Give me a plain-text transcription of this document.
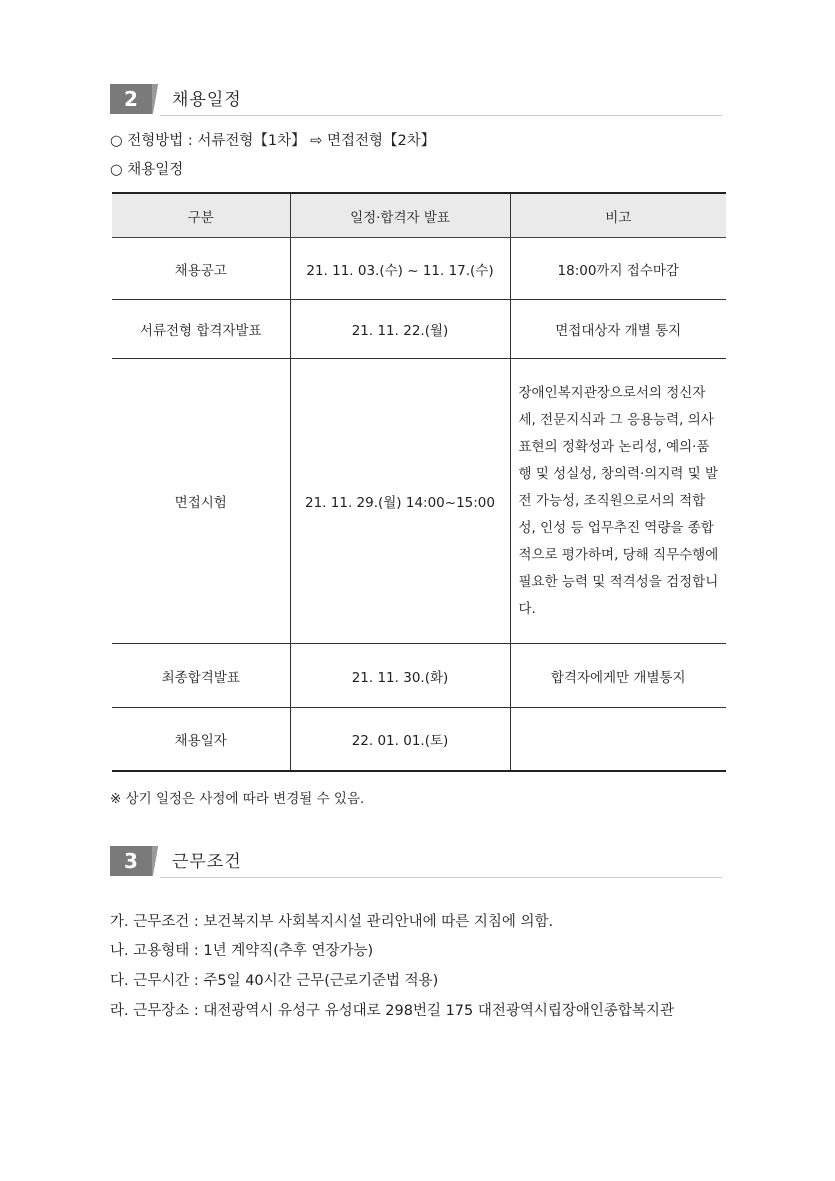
2	채용일정
○ 전형방법 : 서류전형【1차】 ⇨ 면접전형【2차】
○ 채용일정
구분	일정·합격자 발표	비고
채용공고	21. 11. 03.(수) ~ 11. 17.(수)	18:00까지 접수마감
서류전형 합격자발표	21. 11. 22.(월)	면접대상자 개별 통지
면접시험	21. 11. 29.(월) 14:00~15:00	장애인복지관장으로서의 정신자세, 전문지식과 그 응용능력, 의사표현의 정확성과 논리성, 예의·품행 및 성실성, 창의력·의지력 및 발전 가능성, 조직원으로서의 적합성, 인성 등 업무추진 역량을 종합적으로 평가하며, 당해 직무수행에 필요한 능력 및 적격성을 검정합니다.
최종합격발표	21. 11. 30.(화)	합격자에게만 개별통지
채용일자	22. 01. 01.(토)	
※ 상기 일정은 사정에 따라 변경될 수 있음.
3	근무조건
가. 근무조건 : 보건복지부 사회복지시설 관리안내에 따른 지침에 의함.
나. 고용형태 : 1년 계약직(추후 연장가능)
다. 근무시간 : 주5일 40시간 근무(근로기준법 적용)
라. 근무장소 : 대전광역시 유성구 유성대로 298번길 175 대전광역시립장애인종합복지관
